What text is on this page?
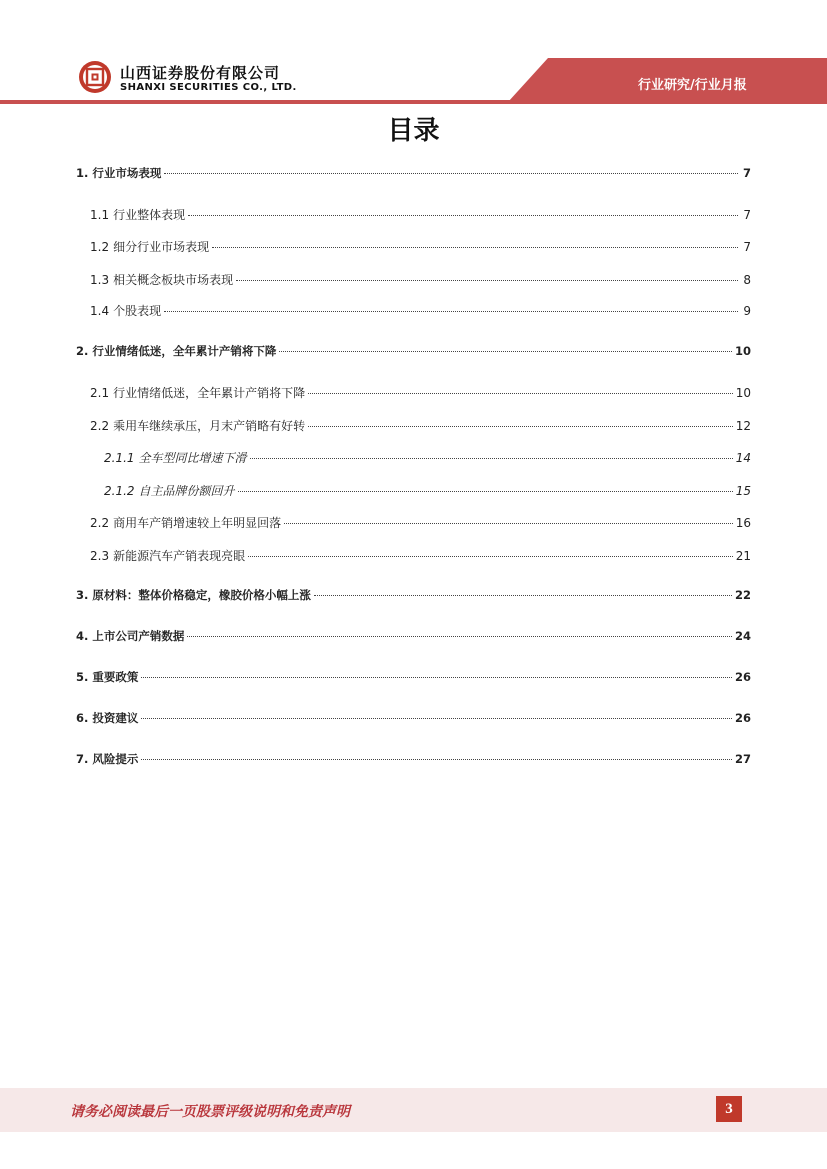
山西证券股份有限公司
SHANXI SECURITIES CO., LTD.	行业研究/行业月报
目录
1. 行业市场表现	7
1.1 行业整体表现	7
1.2 细分行业市场表现	7
1.3 相关概念板块市场表现	8
1.4 个股表现	9
2. 行业情绪低迷，全年累计产销将下降	10
2.1 行业情绪低迷，全年累计产销将下降	10
2.2 乘用车继续承压，月末产销略有好转	12
2.1.1 全车型同比增速下滑	14
2.1.2 自主品牌份额回升	15
2.2 商用车产销增速较上年明显回落	16
2.3 新能源汽车产销表现亮眼	21
3. 原材料：整体价格稳定，橡胶价格小幅上涨	22
4. 上市公司产销数据	24
5. 重要政策	26
6. 投资建议	26
7. 风险提示	27
请务必阅读最后一页股票评级说明和免责声明	3
